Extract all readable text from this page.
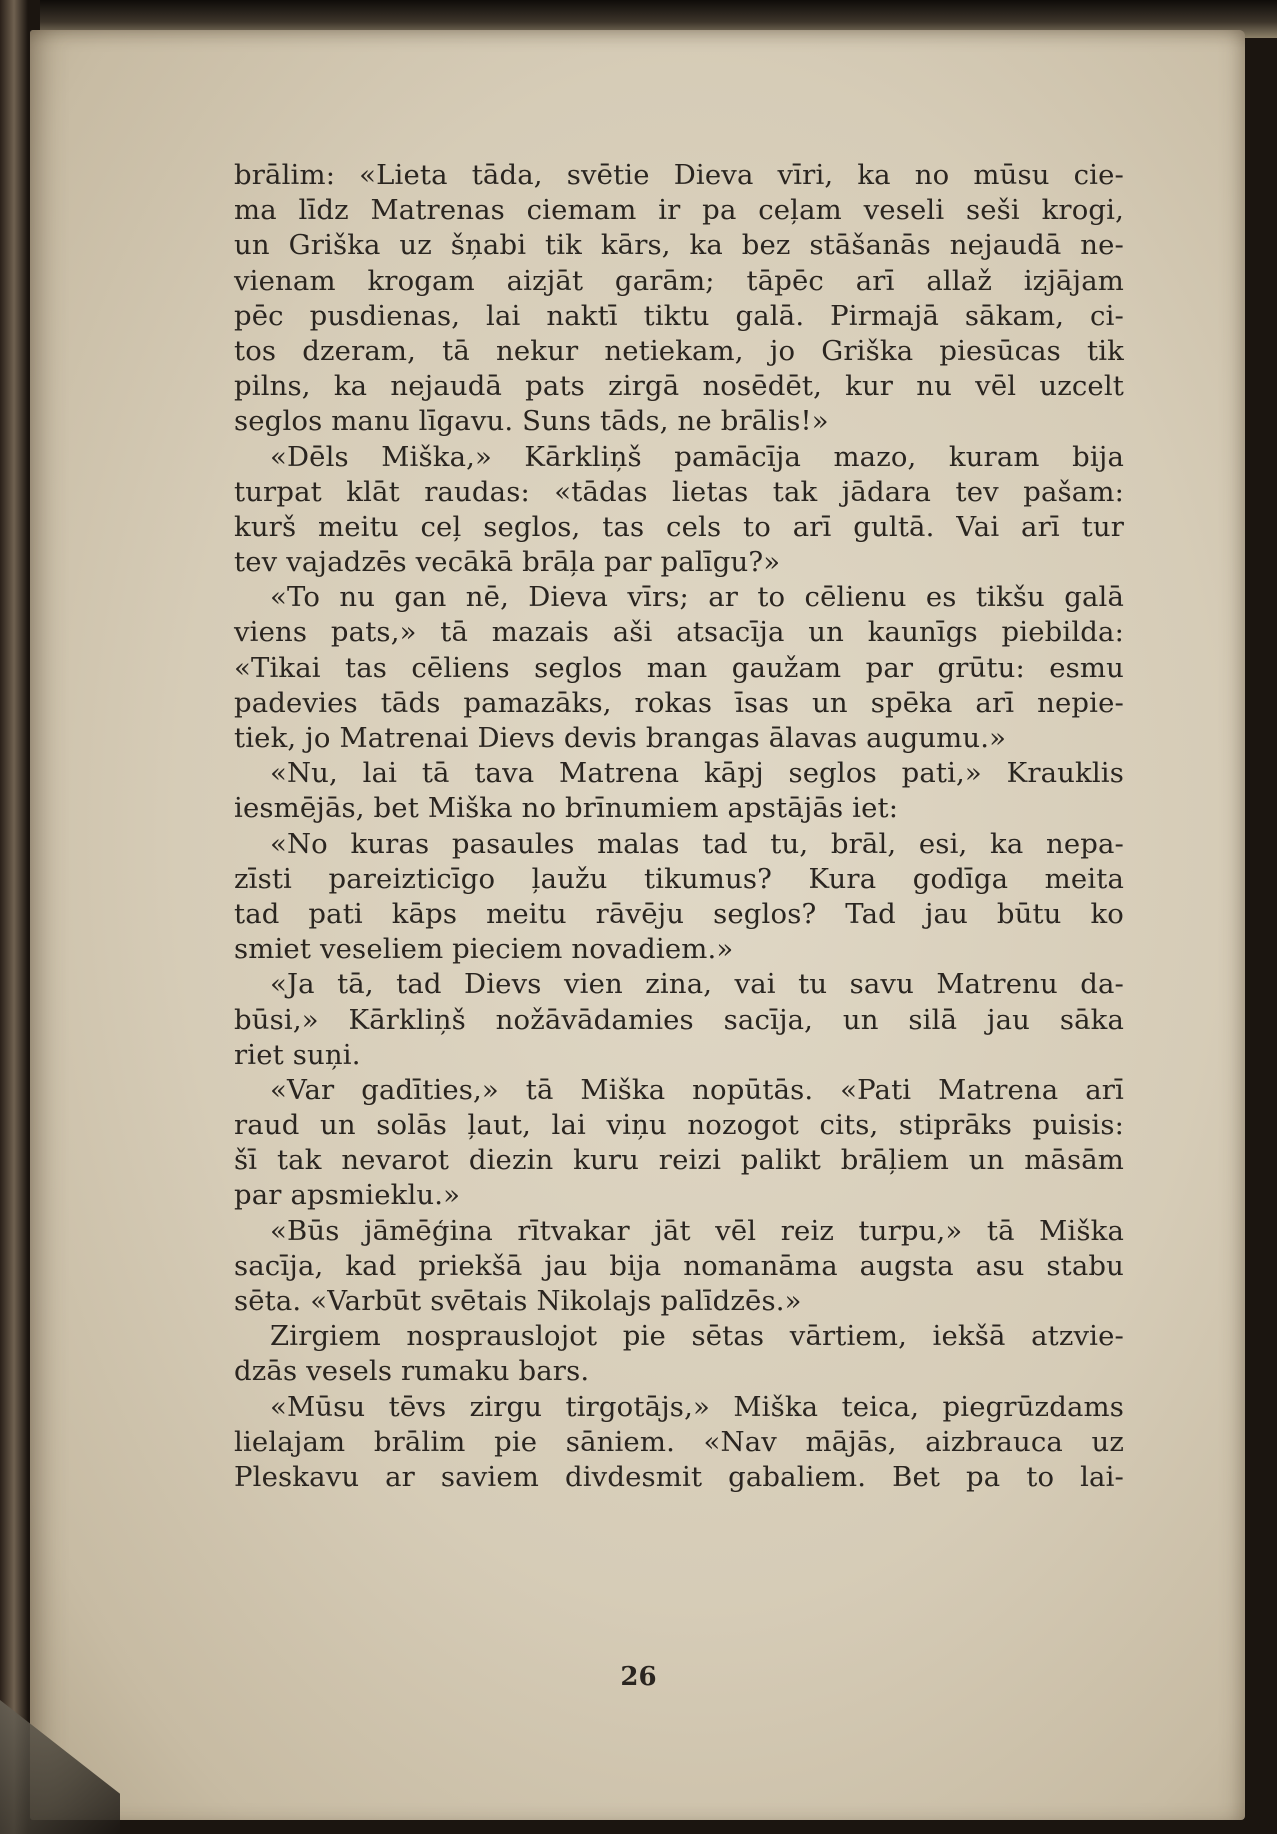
brālim: «Lieta tāda, svētie Dieva vīri, ka no mūsu cie-
ma līdz Matrenas ciemam ir pa ceļam veseli seši krogi,
un Griška uz šņabi tik kārs, ka bez stāšanās nejaudā ne-
vienam krogam aizjāt garām; tāpēc arī allaž izjājam
pēc pusdienas, lai naktī tiktu galā. Pirmajā sākam, ci-
tos dzeram, tā nekur netiekam, jo Griška piesūcas tik
pilns, ka nejaudā pats zirgā nosēdēt, kur nu vēl uzcelt
seglos manu līgavu. Suns tāds, ne brālis!»
«Dēls Miška,» Kārkliņš pamācīja mazo, kuram bija
turpat klāt raudas: «tādas lietas tak jādara tev pašam:
kurš meitu ceļ seglos, tas cels to arī gultā. Vai arī tur
tev vajadzēs vecākā brāļa par palīgu?»
«To nu gan nē, Dieva vīrs; ar to cēlienu es tikšu galā
viens pats,» tā mazais aši atsacīja un kaunīgs piebilda:
«Tikai tas cēliens seglos man gaužam par grūtu: esmu
padevies tāds pamazāks, rokas īsas un spēka arī nepie-
tiek, jo Matrenai Dievs devis brangas ālavas augumu.»
«Nu, lai tā tava Matrena kāpj seglos pati,» Krauklis
iesmējās, bet Miška no brīnumiem apstājās iet:
«No kuras pasaules malas tad tu, brāl, esi, ka nepa-
zīsti pareizticīgo ļaužu tikumus? Kura godīga meita
tad pati kāps meitu rāvēju seglos? Tad jau būtu ko
smiet veseliem pieciem novadiem.»
«Ja tā, tad Dievs vien zina, vai tu savu Matrenu da-
būsi,» Kārkliņš nožāvādamies sacīja, un silā jau sāka
riet suņi.
«Var gadīties,» tā Miška nopūtās. «Pati Matrena arī
raud un solās ļaut, lai viņu nozogot cits, stiprāks puisis:
šī tak nevarot diezin kuru reizi palikt brāļiem un māsām
par apsmieklu.»
«Būs jāmēģina rītvakar jāt vēl reiz turpu,» tā Miška
sacīja, kad priekšā jau bija nomanāma augsta asu stabu
sēta. «Varbūt svētais Nikolajs palīdzēs.»
Zirgiem nosprauslojot pie sētas vārtiem, iekšā atzvie-
dzās vesels rumaku bars.
«Mūsu tēvs zirgu tirgotājs,» Miška teica, piegrūzdams
lielajam brālim pie sāniem. «Nav mājās, aizbrauca uz
Pleskavu ar saviem divdesmit gabaliem. Bet pa to lai-
26
